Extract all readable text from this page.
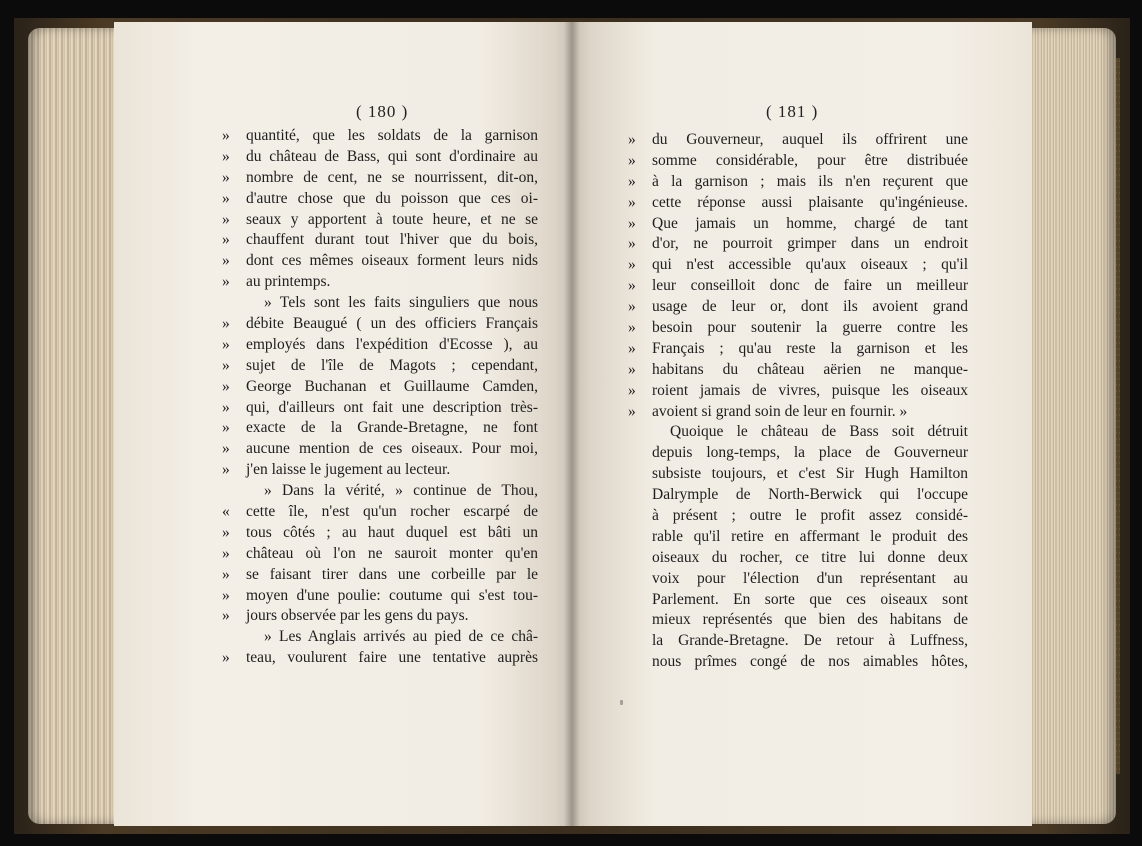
( 180 )
»	quantité, que les soldats de la garnison
»	du château de Bass, qui sont d'ordinaire au
»	nombre de cent, ne se nourrissent, dit-on,
»	d'autre chose que du poisson que ces oi-
»	seaux y apportent à toute heure, et ne se
»	chauffent durant tout l'hiver que du bois,
»	dont ces mêmes oiseaux forment leurs nids
»	au printemps.
» Tels sont les faits singuliers que nous
»	débite Beaugué ( un des officiers Français
»	employés dans l'expédition d'Ecosse ), au
»	sujet de l'île de Magots ; cependant,
»	George Buchanan et Guillaume Camden,
»	qui, d'ailleurs ont fait une description très-
»	exacte de la Grande-Bretagne, ne font
»	aucune mention de ces oiseaux. Pour moi,
»	j'en laisse le jugement au lecteur.
» Dans la vérité, » continue de Thou,
«	cette île, n'est qu'un rocher escarpé de
»	tous côtés ; au haut duquel est bâti un
»	château où l'on ne sauroit monter qu'en
»	se faisant tirer dans une corbeille par le
»	moyen d'une poulie: coutume qui s'est tou-
»	jours observée par les gens du pays.
» Les Anglais arrivés au pied de ce châ-
»	teau, voulurent faire une tentative auprès
( 181 )
»	du Gouverneur, auquel ils offrirent une
»	somme considérable, pour être distribuée
»	à la garnison ; mais ils n'en reçurent que
»	cette réponse aussi plaisante qu'ingénieuse.
»	Que jamais un homme, chargé de tant
»	d'or, ne pourroit grimper dans un endroit
»	qui n'est accessible qu'aux oiseaux ; qu'il
»	leur conseilloit donc de faire un meilleur
»	usage de leur or, dont ils avoient grand
»	besoin pour soutenir la guerre contre les
»	Français ; qu'au reste la garnison et les
»	habitans du château aërien ne manque-
»	roient jamais de vivres, puisque les oiseaux
»	avoient si grand soin de leur en fournir. »
Quoique le château de Bass soit détruit
depuis long-temps, la place de Gouverneur
subsiste toujours, et c'est Sir Hugh Hamilton
Dalrymple de North-Berwick qui l'occupe
à présent ; outre le profit assez considé-
rable qu'il retire en affermant le produit des
oiseaux du rocher, ce titre lui donne deux
voix pour l'élection d'un représentant au
Parlement. En sorte que ces oiseaux sont
mieux représentés que bien des habitans de
la Grande-Bretagne. De retour à Luffness,
nous prîmes congé de nos aimables hôtes,
